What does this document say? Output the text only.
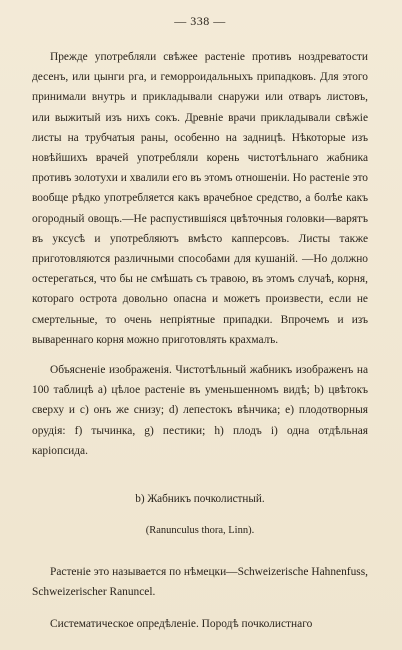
— 338 —

Прежде употребляли свѣжее растеніе противъ ноздреватости десенъ, или цынги рга, и геморроидальныхъ припадковъ. Для этого принимали внутрь и прикладывали снаружи или отваръ листовъ, или выжитый изъ нихъ сокъ. Древніе врачи прикладывали свѣжіе листы на трубчатыя раны, особенно на задницѣ. Нѣкоторые изъ новѣйшихъ врачей употребляли корень чистотѣльнаго жабника противъ золотухи и хвалили его въ этомъ отношеніи. Но растеніе это вообще рѣдко употребляется какъ врачебное средство, а болѣе какъ огородный овощъ.—Не распустившіяся цвѣточныя головки—варятъ въ уксусѣ и употребляютъ вмѣсто капперсовъ. Листы также приготовляются различными способами для кушаній. —Но должно остерегаться, что бы не смѣшать съ травою, въ этомъ случаѣ, корня, котораго острота довольно опасна и можетъ произвести, если не смертельные, то очень непріятные припадки. Впрочемъ и изъ вывареннаго корня можно приготовлять крахмалъ.

Объясненіе изображенія. Чистотѣльный жабникъ изображенъ на 100 таблицѣ a) цѣлое растеніе въ уменьшенномъ видѣ; b) цвѣтокъ сверху и c) онъ же снизу; d) лепестокъ вѣнчика; e) плодотворныя орудія: f) тычинка, g) пестики; h) плодъ i) одна отдѣльная каріопсида.

b) Жабникъ почколистный.

(Ranunculus thora, Linn).

Растеніе это называется по нѣмецки—Schweizerische Hahnenfuss, Schweizerischer Ranunсel.

Систематическое опредѣленіе. Породѣ почколистнаго
